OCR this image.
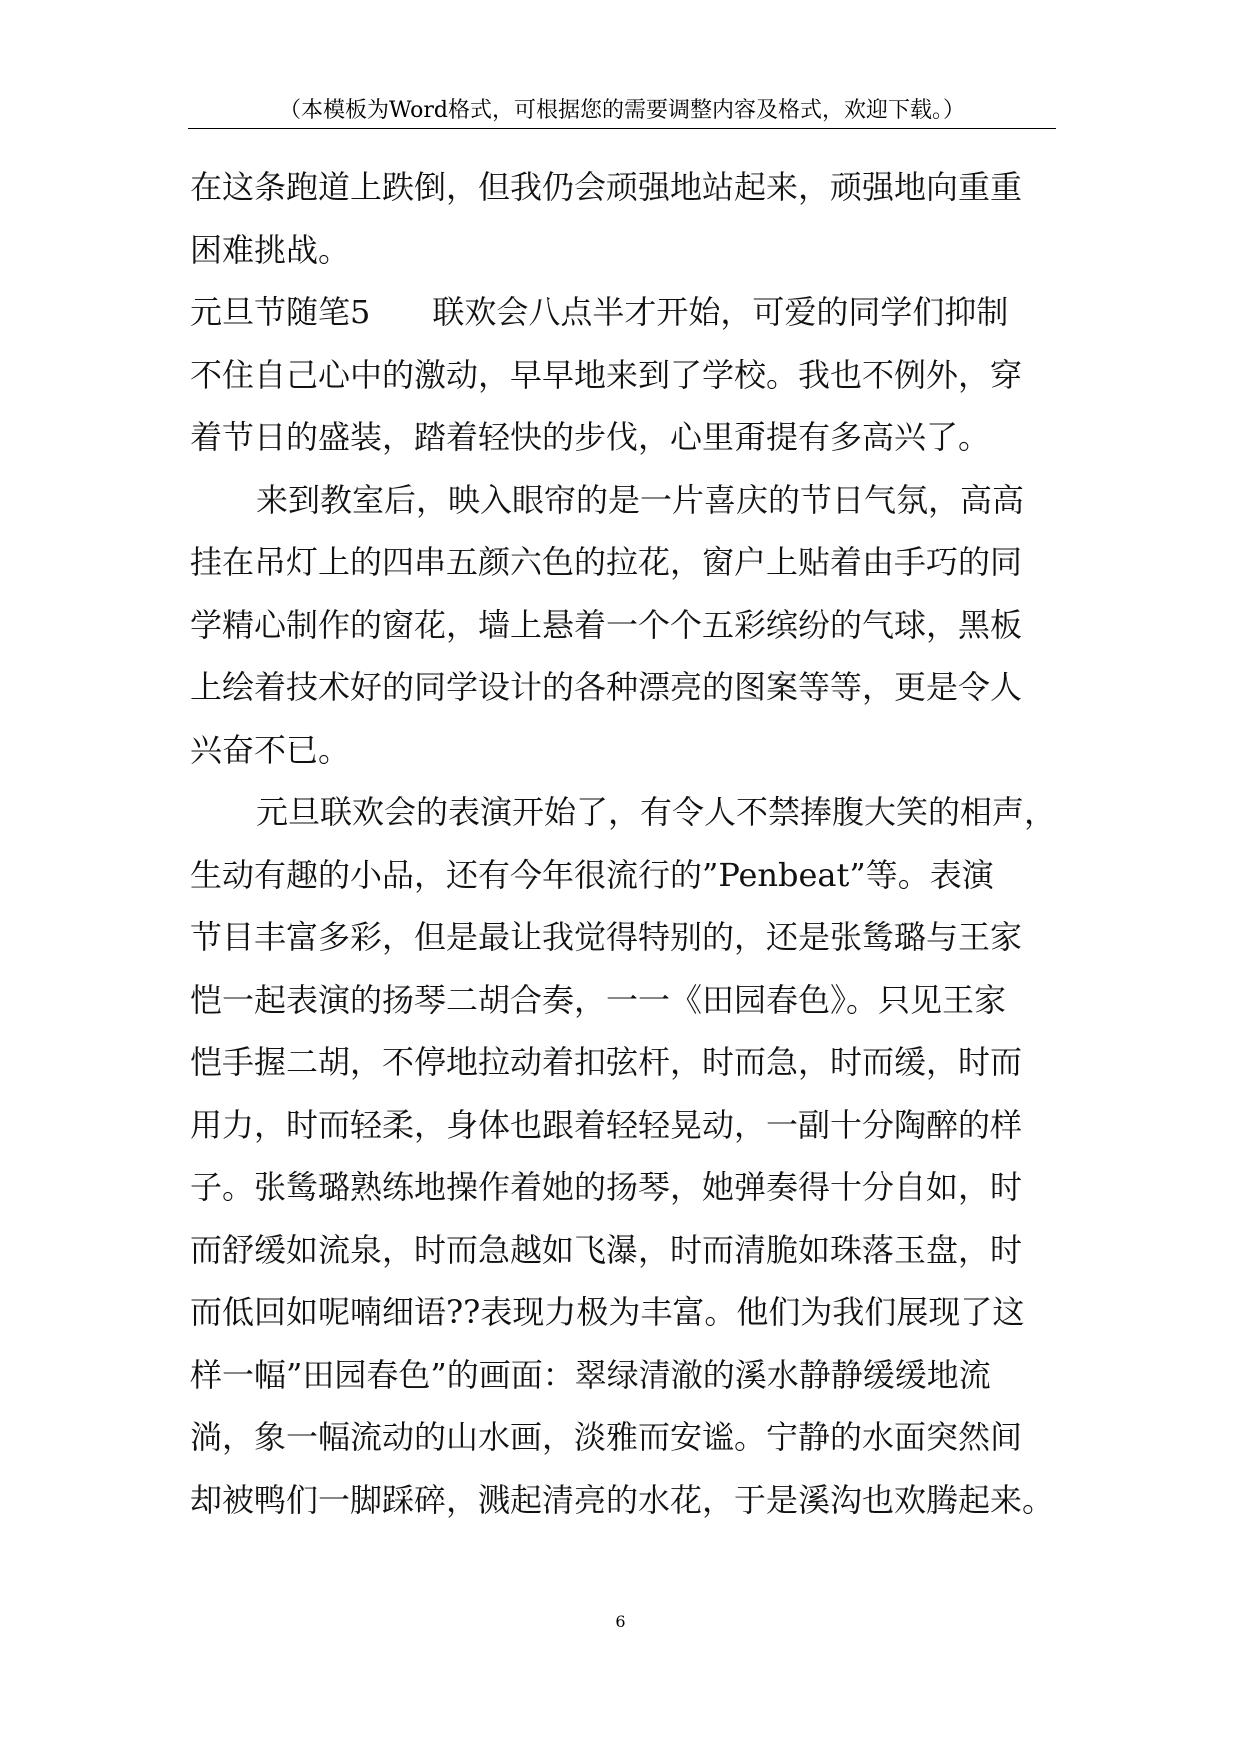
（本模板为Word格式，可根据您的需要调整内容及格式，欢迎下载。）
在这条跑道上跌倒，但我仍会顽强地站起来，顽强地向重重
困难挑战。
元旦节随笔5 联欢会八点半才开始，可爱的同学们抑制
不住自己心中的激动，早早地来到了学校。我也不例外，穿
着节日的盛装，踏着轻快的步伐，心里甭提有多高兴了。
来到教室后，映入眼帘的是一片喜庆的节日气氛，高高
挂在吊灯上的四串五颜六色的拉花，窗户上贴着由手巧的同
学精心制作的窗花，墙上悬着一个个五彩缤纷的气球，黑板
上绘着技术好的同学设计的各种漂亮的图案等等，更是令人
兴奋不已。
元旦联欢会的表演开始了，有令人不禁捧腹大笑的相声，
生动有趣的小品，还有今年很流行的”Penbeat”等。表演
节目丰富多彩，但是最让我觉得特别的，还是张鸶璐与王家
恺一起表演的扬琴二胡合奏，一一《田园春色》。只见王家
恺手握二胡，不停地拉动着扣弦杆，时而急，时而缓，时而
用力，时而轻柔，身体也跟着轻轻晃动，一副十分陶醉的样
子。张鸶璐熟练地操作着她的扬琴，她弹奏得十分自如，时
而舒缓如流泉，时而急越如飞瀑，时而清脆如珠落玉盘，时
而低回如呢喃细语??表现力极为丰富。他们为我们展现了这
样一幅”田园春色”的画面：翠绿清澈的溪水静静缓缓地流
淌，象一幅流动的山水画，淡雅而安谧。宁静的水面突然间
却被鸭们一脚踩碎，溅起清亮的水花，于是溪沟也欢腾起来。
6
